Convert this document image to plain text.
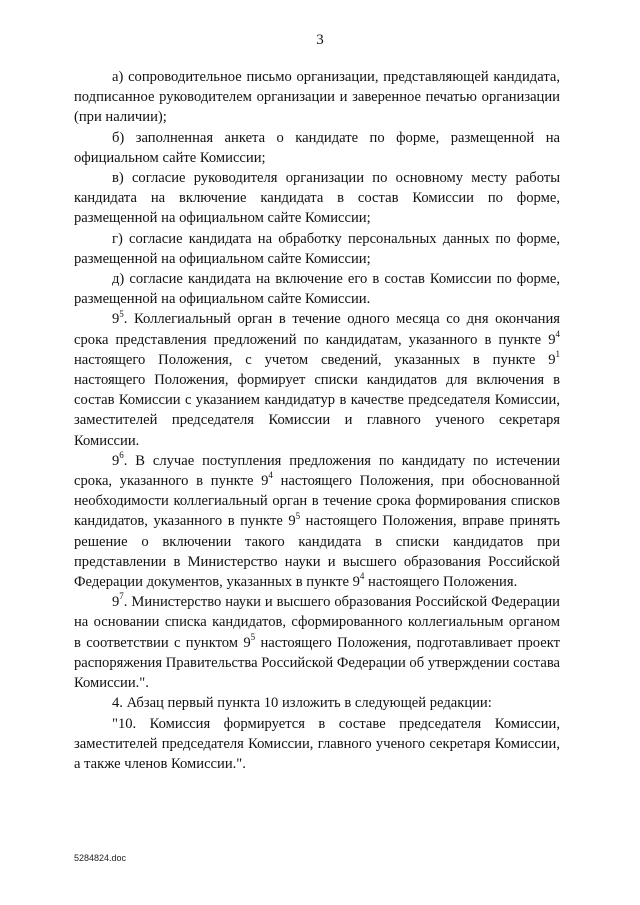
3

а) сопроводительное письмо организации, представляющей кандидата, подписанное руководителем организации и заверенное печатью организации (при наличии);

б) заполненная анкета о кандидате по форме, размещенной на официальном сайте Комиссии;

в) согласие руководителя организации по основному месту работы кандидата на включение кандидата в состав Комиссии по форме, размещенной на официальном сайте Комиссии;

г) согласие кандидата на обработку персональных данных по форме, размещенной на официальном сайте Комиссии;

д) согласие кандидата на включение его в состав Комиссии по форме, размещенной на официальном сайте Комиссии.

$9^5$. Коллегиальный орган в течение одного месяца со дня окончания срока представления предложений по кандидатам, указанного в пункте $9^4$ настоящего Положения, с учетом сведений, указанных в пункте $9^1$ настоящего Положения, формирует списки кандидатов для включения в состав Комиссии с указанием кандидатур в качестве председателя Комиссии, заместителей председателя Комиссии и главного ученого секретаря Комиссии.

$9^6$. В случае поступления предложения по кандидату по истечении срока, указанного в пункте $9^4$ настоящего Положения, при обоснованной необходимости коллегиальный орган в течение срока формирования списков кандидатов, указанного в пункте $9^5$ настоящего Положения, вправе принять решение о включении такого кандидата в списки кандидатов при представлении в Министерство науки и высшего образования Российской Федерации документов, указанных в пункте $9^4$ настоящего Положения.

$9^7$. Министерство науки и высшего образования Российской Федерации на основании списка кандидатов, сформированного коллегиальным органом в соответствии с пунктом $9^5$ настоящего Положения, подготавливает проект распоряжения Правительства Российской Федерации об утверждении состава Комиссии.".

4. Абзац первый пункта 10 изложить в следующей редакции:

"10. Комиссия формируется в составе председателя Комиссии, заместителей председателя Комиссии, главного ученого секретаря Комиссии, а также членов Комиссии.".

5284824.doc
